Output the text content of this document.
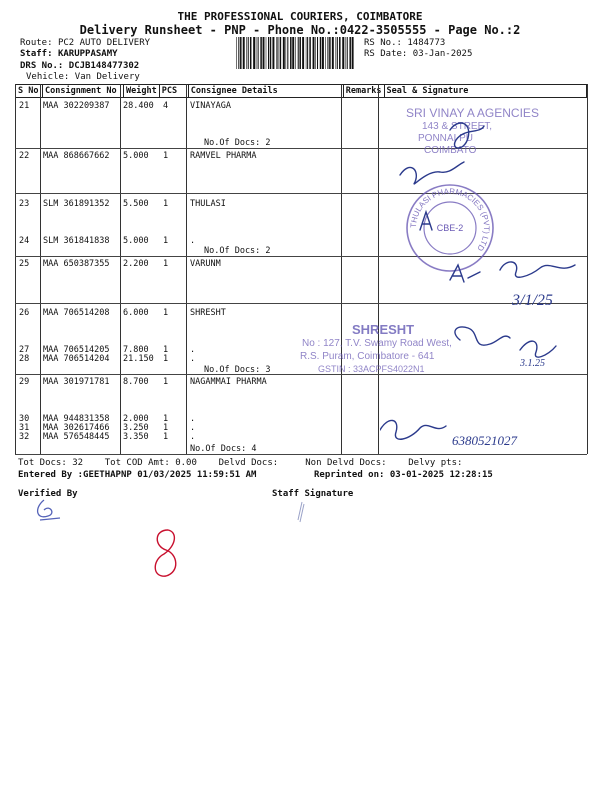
THE PROFESSIONAL COURIERS, COIMBATORE
Delivery Runsheet - PNP - Phone No.:0422-3505555 - Page No.:2
Route: PC2 AUTO DELIVERY
Staff: KARUPPASAMY
DRS No.: DCJB148477302
Vehicle: Van Delivery
RS No.: 1484773
RS Date: 03-Jan-2025
S No	Consignment No	Weight	PCS	Consignee Details	Remarks	Seal & Signature
21 MAA 302209387 28.400 4	VINAYAGA
22 MAA 868667662 5.000 1	RAMVEL PHARMA
23 SLM 361891352 5.500 1	THULASI
24 SLM 361841838 5.000 1	.
25 MAA 650387355 2.200 1	VARUNM
26 MAA 706514208 6.000 1	SHRESHT
27 MAA 706514205 7.800 1	.
28 MAA 706514204 21.150 1	.
29 MAA 301971781 8.700 1	NAGAMMAI PHARMA
30 MAA 944831358 2.000 1	.
31 MAA 302617466 3.250 1	.
32 MAA 576548445 3.350 1	.
No.Of Docs: 2
No.Of Docs: 2
No.Of Docs: 3
No.Of Docs: 4
SRI VINAY A AGENCIES
143 & STREET,
PONNAI PU
COIMBATO
THULASI PHARMACIES (PVT) LTD
CBE-2
SHRESHT
No : 127, T.V. Swamy Road West,
R.S. Puram, Coimbatore - 641
GSTIN : 33ACPFS4022N1
3/1/25
3.1.25
6380521027
Tot Docs: 32 Tot COD Amt: 0.00 Delvd Docs:	Non Delvd Docs: Delvy pts:
Entered By :GEETHAPNP 01/03/2025 11:59:51 AM	Reprinted on: 03-01-2025 12:28:15
Verified By	Staff Signature
